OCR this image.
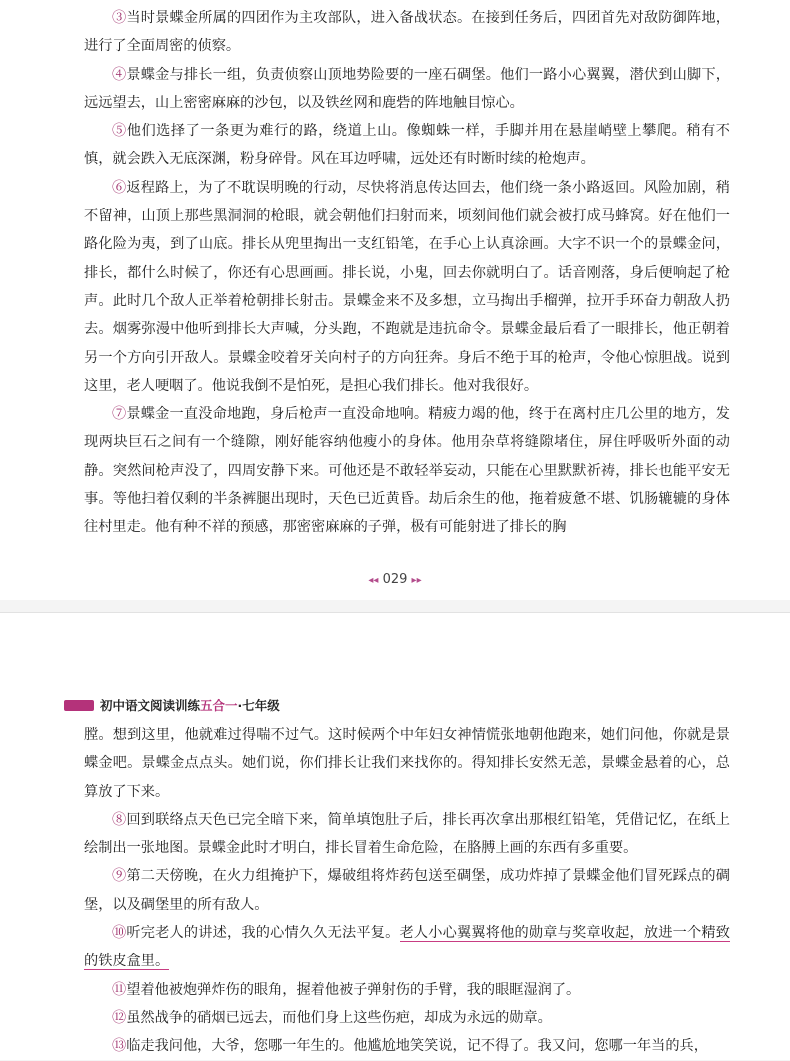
③当时景蝶金所属的四团作为主攻部队，进入备战状态。在接到任务后，四团首先对敌防御阵地，进行了全面周密的侦察。

④景蝶金与排长一组，负责侦察山顶地势险要的一座石碉堡。他们一路小心翼翼，潜伏到山脚下，远远望去，山上密密麻麻的沙包，以及铁丝网和鹿砦的阵地触目惊心。

⑤他们选择了一条更为难行的路，绕道上山。像蜘蛛一样，手脚并用在悬崖峭壁上攀爬。稍有不慎，就会跌入无底深渊，粉身碎骨。风在耳边呼啸，远处还有时断时续的枪炮声。

⑥返程路上，为了不耽误明晚的行动，尽快将消息传达回去，他们绕一条小路返回。风险加剧，稍不留神，山顶上那些黑洞洞的枪眼，就会朝他们扫射而来，顷刻间他们就会被打成马蜂窝。好在他们一路化险为夷，到了山底。排长从兜里掏出一支红铅笔，在手心上认真涂画。大字不识一个的景蝶金问，排长，都什么时候了，你还有心思画画。排长说，小鬼，回去你就明白了。话音刚落，身后便响起了枪声。此时几个敌人正举着枪朝排长射击。景蝶金来不及多想，立马掏出手榴弹，拉开手环奋力朝敌人扔去。烟雾弥漫中他听到排长大声喊，分头跑，不跑就是违抗命令。景蝶金最后看了一眼排长，他正朝着另一个方向引开敌人。景蝶金咬着牙关向村子的方向狂奔。身后不绝于耳的枪声，令他心惊胆战。说到这里，老人哽咽了。他说我倒不是怕死，是担心我们排长。他对我很好。

⑦景蝶金一直没命地跑，身后枪声一直没命地响。精疲力竭的他，终于在离村庄几公里的地方，发现两块巨石之间有一个缝隙，刚好能容纳他瘦小的身体。他用杂草将缝隙堵住，屏住呼吸听外面的动静。突然间枪声没了，四周安静下来。可他还是不敢轻举妄动，只能在心里默默祈祷，排长也能平安无事。等他扫着仅剩的半条裤腿出现时，天色已近黄昏。劫后余生的他，拖着疲惫不堪、饥肠辘辘的身体往村里走。他有种不祥的预感，那密密麻麻的子弹，极有可能射进了排长的胸

◂◂ 029 ▸▸
初中语文阅读训练 五合一 ·七年级

膛。想到这里，他就难过得喘不过气。这时候两个中年妇女神情慌张地朝他跑来，她们问他，你就是景蝶金吧。景蝶金点点头。她们说，你们排长让我们来找你的。得知排长安然无恙，景蝶金悬着的心，总算放了下来。

⑧回到联络点天色已完全暗下来，简单填饱肚子后，排长再次拿出那根红铅笔，凭借记忆，在纸上绘制出一张地图。景蝶金此时才明白，排长冒着生命危险，在胳膊上画的东西有多重要。

⑨第二天傍晚，在火力组掩护下，爆破组将炸药包送至碉堡，成功炸掉了景蝶金他们冒死踩点的碉堡，以及碉堡里的所有敌人。

⑩听完老人的讲述，我的心情久久无法平复。老人小心翼翼将他的勋章与奖章收起，放进一个精致的铁皮盒里。

⑪望着他被炮弹炸伤的眼角，握着他被子弹射伤的手臂，我的眼眶湿润了。

⑫虽然战争的硝烟已远去，而他们身上这些伤疤，却成为永远的勋章。

⑬临走我问他，大爷，您哪一年生的。他尴尬地笑笑说，记不得了。我又问，您哪一年当的兵，
